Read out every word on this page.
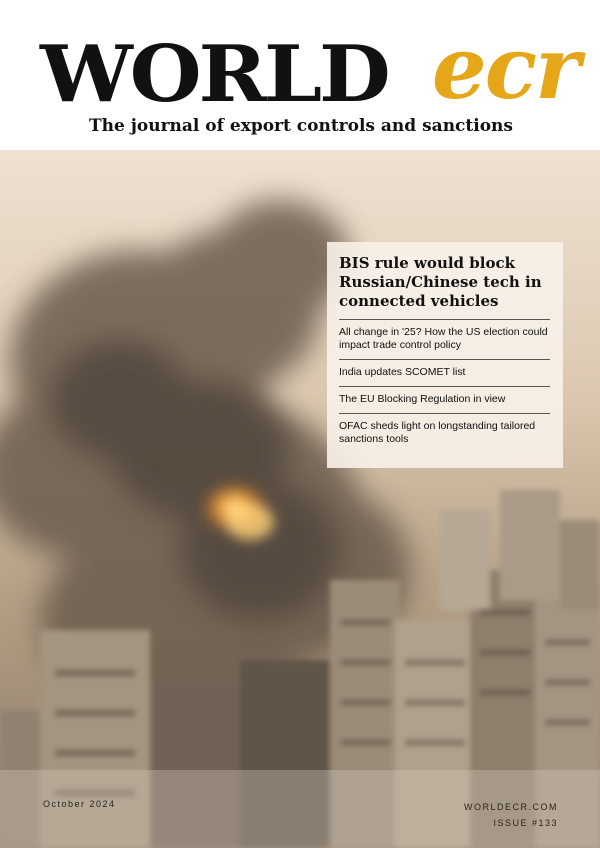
WORLD ecr
The journal of export controls and sanctions
BIS rule would block Russian/Chinese tech in connected vehicles
All change in '25? How the US election could impact trade control policy
India updates SCOMET list
The EU Blocking Regulation in view
OFAC sheds light on longstanding tailored sanctions tools
October 2024	WORLDECR.COM
ISSUE #133
